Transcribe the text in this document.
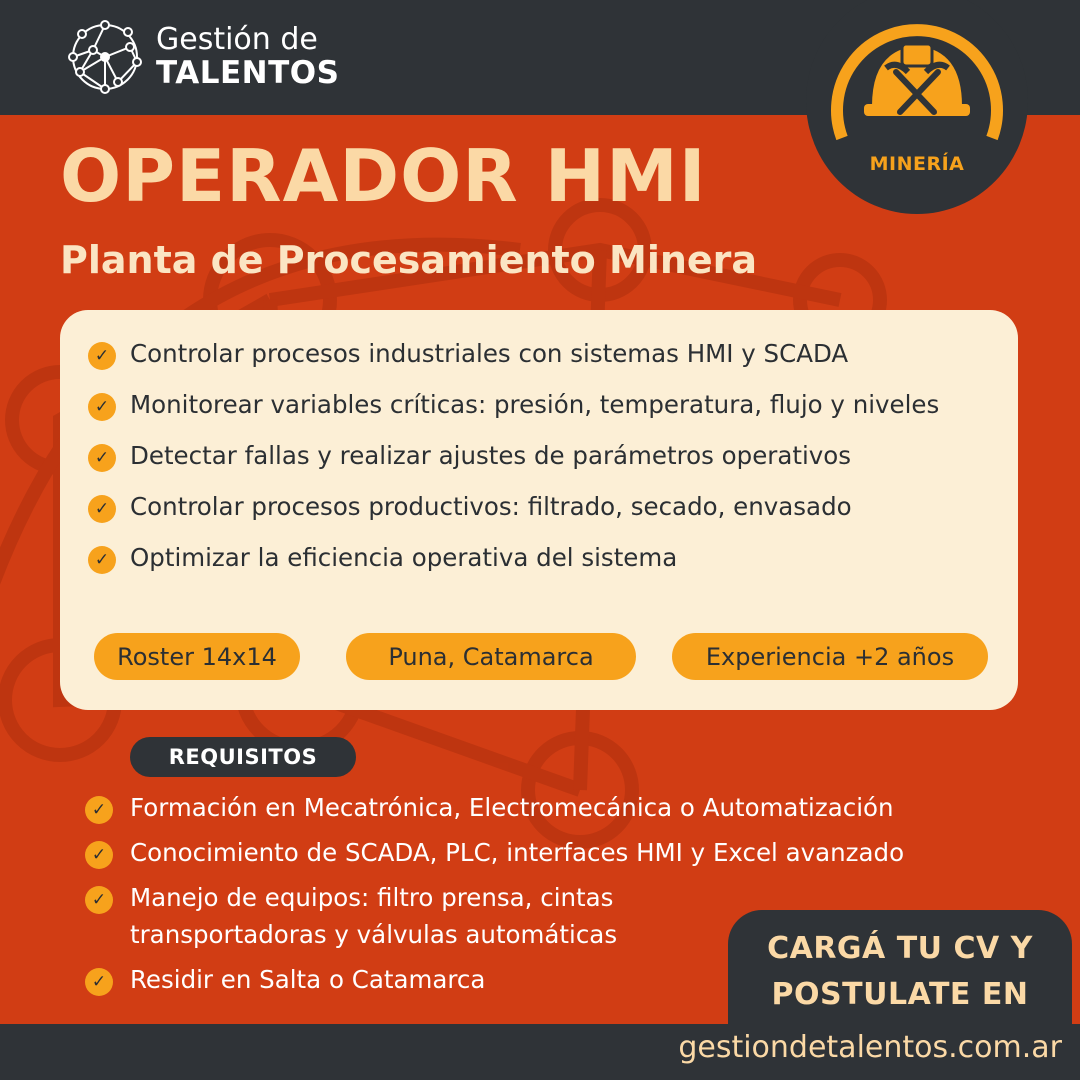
Gestión de
TALENTOS
MINERÍA
OPERADOR HMI
Planta de Procesamiento Minera
✓ Controlar procesos industriales con sistemas HMI y SCADA
✓ Monitorear variables críticas: presión, temperatura, flujo y niveles
✓ Detectar fallas y realizar ajustes de parámetros operativos
✓ Controlar procesos productivos: filtrado, secado, envasado
✓ Optimizar la eficiencia operativa del sistema
Roster 14x14	Puna, Catamarca	Experiencia +2 años
REQUISITOS
✓ Formación en Mecatrónica, Electromecánica o Automatización
✓ Conocimiento de SCADA, PLC, interfaces HMI y Excel avanzado
✓ Manejo de equipos: filtro prensa, cintas transportadoras y válvulas automáticas
✓ Residir en Salta o Catamarca
CARGÁ TU CV Y
POSTULATE EN
gestiondetalentos.com.ar
